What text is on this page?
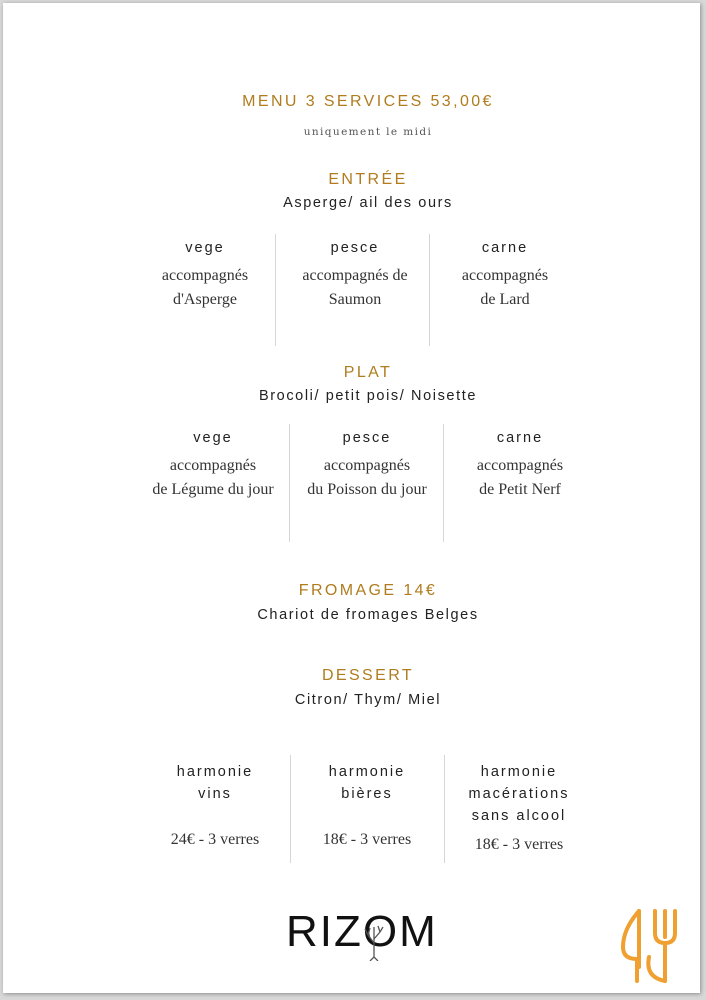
MENU 3 SERVICES 53,00€
uniquement le midi
ENTRÉE
Asperge/ ail des ours
vege
accompagnés
d'Asperge
pesce
accompagnés de
Saumon
carne
accompagnés
de Lard
PLAT
Brocoli/ petit pois/ Noisette
vege
accompagnés
de Légume du jour
pesce
accompagnés
du Poisson du jour
carne
accompagnés
de Petit Nerf
FROMAGE 14€
Chariot de fromages Belges
DESSERT
Citron/ Thym/ Miel
harmonie
vins
24€ - 3 verres
harmonie
bières
18€ - 3 verres
harmonie
macérations
sans alcool
18€ - 3 verres
RIZOM
